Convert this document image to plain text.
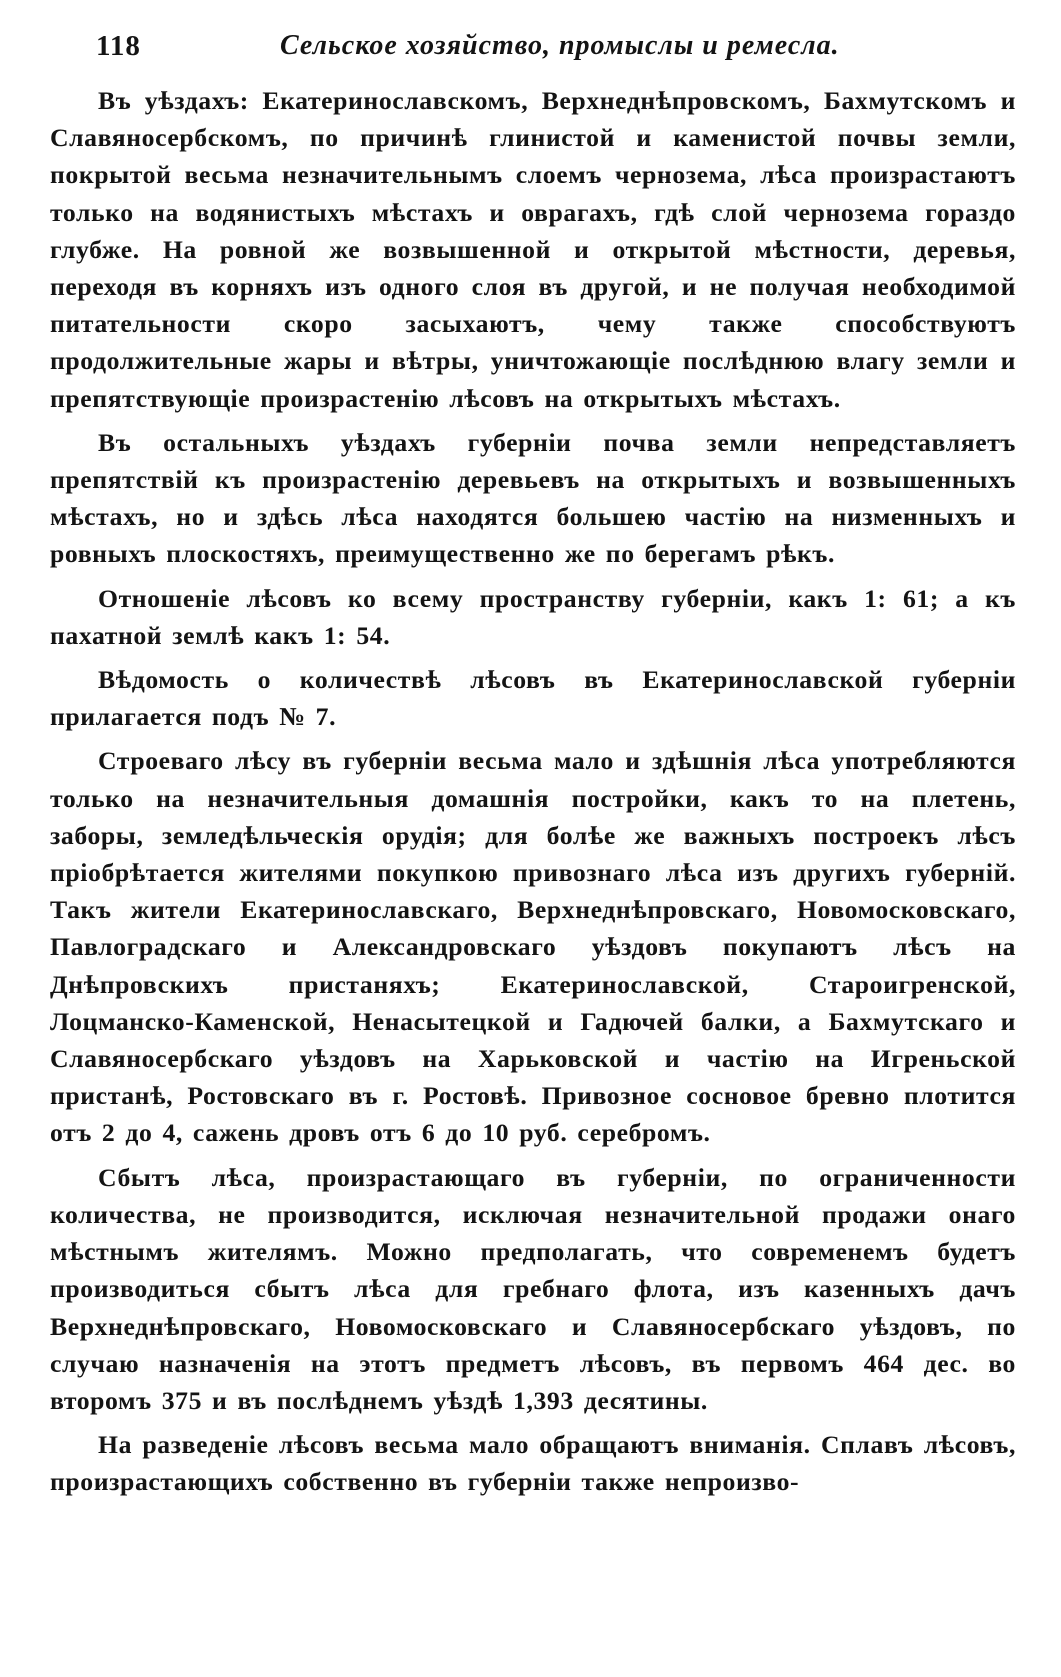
118	Сельское хозяйство, промыслы и ремесла.

Въ уѣздахъ: Екатеринославскомъ, Верхнеднѣпровскомъ, Бахмутскомъ и Славяносербскомъ, по причинѣ глинистой и каменистой почвы земли, покрытой весьма незначительнымъ слоемъ чернозема, лѣса произрастаютъ только на водянистыхъ мѣстахъ и оврагахъ, гдѣ слой чернозема гораздо глубже. На ровной же возвышенной и открытой мѣстности, деревья, переходя въ корняхъ изъ одного слоя въ другой, и не получая необходимой питательности скоро засыхаютъ, чему также способствуютъ продолжительные жары и вѣтры, уничтожающіе послѣднюю влагу земли и препятствующіе произрастенію лѣсовъ на открытыхъ мѣстахъ.

Въ остальныхъ уѣздахъ губерніи почва земли непредставляетъ препятствій къ произрастенію деревьевъ на открытыхъ и возвышенныхъ мѣстахъ, но и здѣсь лѣса находятся большею частію на низменныхъ и ровныхъ плоскостяхъ, преимущественно же по берегамъ рѣкъ.

Отношеніе лѣсовъ ко всему пространству губерніи, какъ 1: 61; а къ пахатной землѣ какъ 1: 54.

Вѣдомость о количествѣ лѣсовъ въ Екатеринославской губерніи прилагается подъ № 7.

Строеваго лѣсу въ губерніи весьма мало и здѣшнія лѣса употребляются только на незначительныя домашнія постройки, какъ то на плетень, заборы, земледѣльческія орудія; для болѣе же важныхъ построекъ лѣсъ пріобрѣтается жителями покупкою привознаго лѣса изъ другихъ губерній. Такъ жители Екатеринославскаго, Верхнеднѣпровскаго, Новомосковскаго, Павлоградскаго и Александровскаго уѣздовъ покупаютъ лѣсъ на Днѣпровскихъ пристаняхъ; Екатеринославской, Староигренской, Лоцманско-Каменской, Ненасытецкой и Гадючей балки, а Бахмутскаго и Славяносербскаго уѣздовъ на Харьковской и частію на Игреньской пристанѣ, Ростовскаго въ г. Ростовѣ. Привозное сосновое бревно плотится отъ 2 до 4, сажень дровъ отъ 6 до 10 руб. серебромъ.

Сбытъ лѣса, произрастающаго въ губерніи, по ограниченности количества, не производится, исключая незначительной продажи онаго мѣстнымъ жителямъ. Можно предполагать, что современемъ будетъ производиться сбытъ лѣса для гребнаго флота, изъ казенныхъ дачъ Верхнеднѣпровскаго, Новомосковскаго и Славяносербскаго уѣздовъ, по случаю назначенія на этотъ предметъ лѣсовъ, въ первомъ 464 дес. во второмъ 375 и въ послѣднемъ уѣздѣ 1,393 десятины.

На разведеніе лѣсовъ весьма мало обращаютъ вниманія. Сплавъ лѣсовъ, произрастающихъ собственно въ губерніи также непроизво-
